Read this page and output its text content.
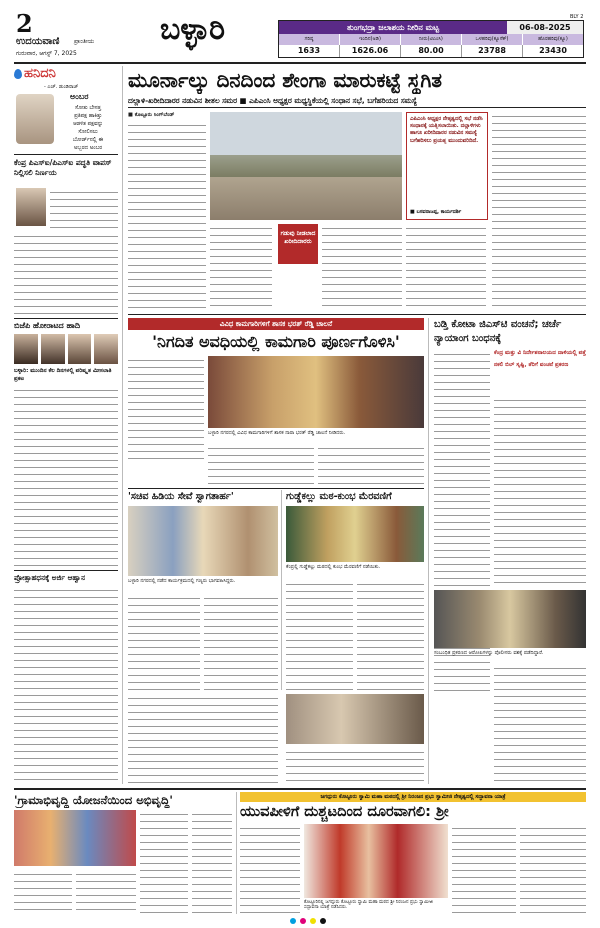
2
ಉದಯವಾಣಿ ಪ್ರಾಂತೀಯ
ಗುರುವಾರ, ಆಗಸ್ಟ್ 7, 2025
ಬಳ್ಳಾರಿ	BLY 2
ತುಂಗಭದ್ರಾ ಜಲಾಶಯ ನೀರಿನ ಮಟ್ಟ	06-08-2025
ಗರಿಷ್ಠ	ಇಂದಿನ(ಅಡಿ)	ನೀರು(ಟಿಎಂಸಿ)	ಒಳಹರಿವು(ಕ್ಯೂಸೆಕ್)	ಹೊರಹರಿವು(ಕ್ಯೂ)
1633	1626.06	80.00	23788	23430
ಹನಿದನಿ
- ಎಚ್. ಡುಂಡಿರಾಜ್
ಅಂಬರ
ಸೋತು ಬೇಸತ್ತ
ಪ್ರತಿಪಕ್ಷ ಹಾಕಿತ್ತು
ಆಡಳಿತ ಪಕ್ಷವನ್ನು
ಸೋಲಿಸಲು
ಬೋರ್ಡ್‌ನಲ್ಲಿ ಈ
ಅಬ್ಬರದ ಅಂಬರ
ಕೆಂಪ್ರ ಪಿಎಸ್ಐ/ಪಿಎಸ್‌ಐ ಪದ್ಧತಿ ವಾಪಸ್ ನಿಲ್ಲಿಸಲಿ ನಿರ್ಣಯ
ಬಿಜೆಪಿ ಹೋರಾಟದ ಹಾದಿ
ಬಳ್ಳಾರಿ: ಮುಂದಿನ ಕೆಲ ದಿನಗಳಲ್ಲಿ ಪರಿಷ್ಕೃತ ಮೀಸಲಾತಿ ಪ್ರಕಟ
ಪ್ರೋತ್ಸಾಹಧನಕ್ಕೆ ಅರ್ಜಿ ಆಹ್ವಾನ
ಮೂರ್ನಾಲ್ಕು ದಿನದಿಂದ ಶೇಂಗಾ ಮಾರುಕಟ್ಟೆ ಸ್ಥಗಿತ
ದಲ್ಲಾಳಿ-ಖರೀದಿದಾರರ ನಡುವಿನ ಶೀತಲ ಸಮರ ■ ಎಪಿಎಂಸಿ ಅಧ್ಯಕ್ಷರ ಮಧ್ಯಸ್ಥಿಕೆಯಲ್ಲಿ ಸಂಧಾನ ಸಭೆ, ಬಗೆಹರಿಯದ ಸಮಸ್ಯೆ
■ ಕೊಟ್ಟೂರು ಸಿಂಗ್‌ಬೆಂಡ್
ಗಡುವು ನೀಡಲಾದ ಖರೀದಿದಾರರು
ಎಪಿಎಂಸಿ ಅಧ್ಯಕ್ಷರ ನೇತೃತ್ವದಲ್ಲಿ ಸಭೆ ನಡೆಸಿ ಸಂಧಾನಕ್ಕೆ ಯತ್ನಿಸಲಾಯಿತು. ದಲ್ಲಾಳಿಗಳು ಹಾಗೂ ಖರೀದಿದಾರರ ನಡುವಿನ ಸಮಸ್ಯೆ ಬಗೆಹರಿಸಲು ಪ್ರಯತ್ನ ಮುಂದುವರಿದಿದೆ.
■ ಬಸವರಾಜಪ್ಪ, ಕಾರ್ಯದರ್ಶಿ
ವಿವಿಧ ಕಾಮಗಾರಿಗಳಿಗೆ ಶಾಸಕ ಭರತ್ ರೆಡ್ಡಿ ಚಾಲನೆ
'ನಿಗದಿತ ಅವಧಿಯಲ್ಲಿ ಕಾಮಗಾರಿ ಪೂರ್ಣಗೊಳಿಸಿ'
ಬಳ್ಳಾರಿ ನಗರದಲ್ಲಿ ವಿವಿಧ ಕಾಮಗಾರಿಗಳಿಗೆ ಶಾಸಕ ನಾರಾ ಭರತ್ ರೆಡ್ಡಿ ಚಾಲನೆ ನೀಡಿದರು.
ಬಡ್ತಿ ಕೋಟಾ ಜಿ‌ಎಸ್‌ಟಿ ವಂಚನೆ; ಚರ್ಚೆ ನ್ಯಾಯಾಂಗ ಬಂಧನಕ್ಕೆ
ಕೆಂದ್ರ ಮತ್ತು ವಿ ನಿರ್ದೇಶನಾಲಯದ ದಾಳಿಯಲ್ಲಿ ಪತ್ತೆ
ನಕಲಿ ಬಿಲ್ ಸೃಷ್ಟಿ, ತೆರಿಗೆ ವಂಚನೆ ಪ್ರಕರಣ
ಸಂಬಂಧಿತ ಪ್ರಕರಣದ ಆರೋಪಿಗಳನ್ನು ಪೊಲೀಸರು ವಶಕ್ಕೆ ಪಡೆದಿದ್ದಾರೆ.
'ಸಚಿವ ಹಿಡಿಯ ಸೇವೆ ಸ್ವಾಗತಾರ್ಹ'
ಬಳ್ಳಾರಿ ನಗರದಲ್ಲಿ ನಡೆದ ಕಾರ್ಯಕ್ರಮದಲ್ಲಿ ಗಣ್ಯರು ಭಾಗವಹಿಸಿದ್ದರು.
ಗುಡ್ಡೆಕಲ್ಲು ಮಠ-ಕುಂಭ ಮೆರವಣಿಗೆ
ಕೆಂಪ್ರಲ್ಲಿ ಗುಡ್ಡೆಕಲ್ಲು ಮಠದಲ್ಲಿ ಕುಂಭ ಮೆರವಣಿಗೆ ನಡೆಯಿತು.
'ಗ್ರಾಮಾಭಿವೃದ್ಧಿ ಯೋಜನೆಯಿಂದ ಅಭಿವೃದ್ಧಿ'	ಜಗದ್ಗುರು ಕೊಟ್ಟೂರು ಸ್ವಾಮಿ ಮಹಾ ಮಠದಲ್ಲಿ ಶ್ರೀ ನಿರಂಜನ ಪ್ರಭು ಸ್ವಾಮೀಜಿ ನೇತೃತ್ವದಲ್ಲಿ ಸದ್ಭಾವನಾ ಯಾತ್ರೆ
ಯುವಪೀಳಿಗೆ ದುಶ್ಚಟದಿಂದ ದೂರವಾಗಲಿ: ಶ್ರೀ
ಕೊಟ್ಟೂರಿನಲ್ಲಿ ಜಗದ್ಗುರು ಕೊಟ್ಟೂರು ಸ್ವಾಮಿ ಮಹಾ ಮಠದ ಶ್ರೀ ನಿರಂಜನ ಪ್ರಭು ಸ್ವಾಮೀಜಿ ಸದ್ಭಾವನಾ ಯಾತ್ರೆ ನಡೆಸಿದರು.
